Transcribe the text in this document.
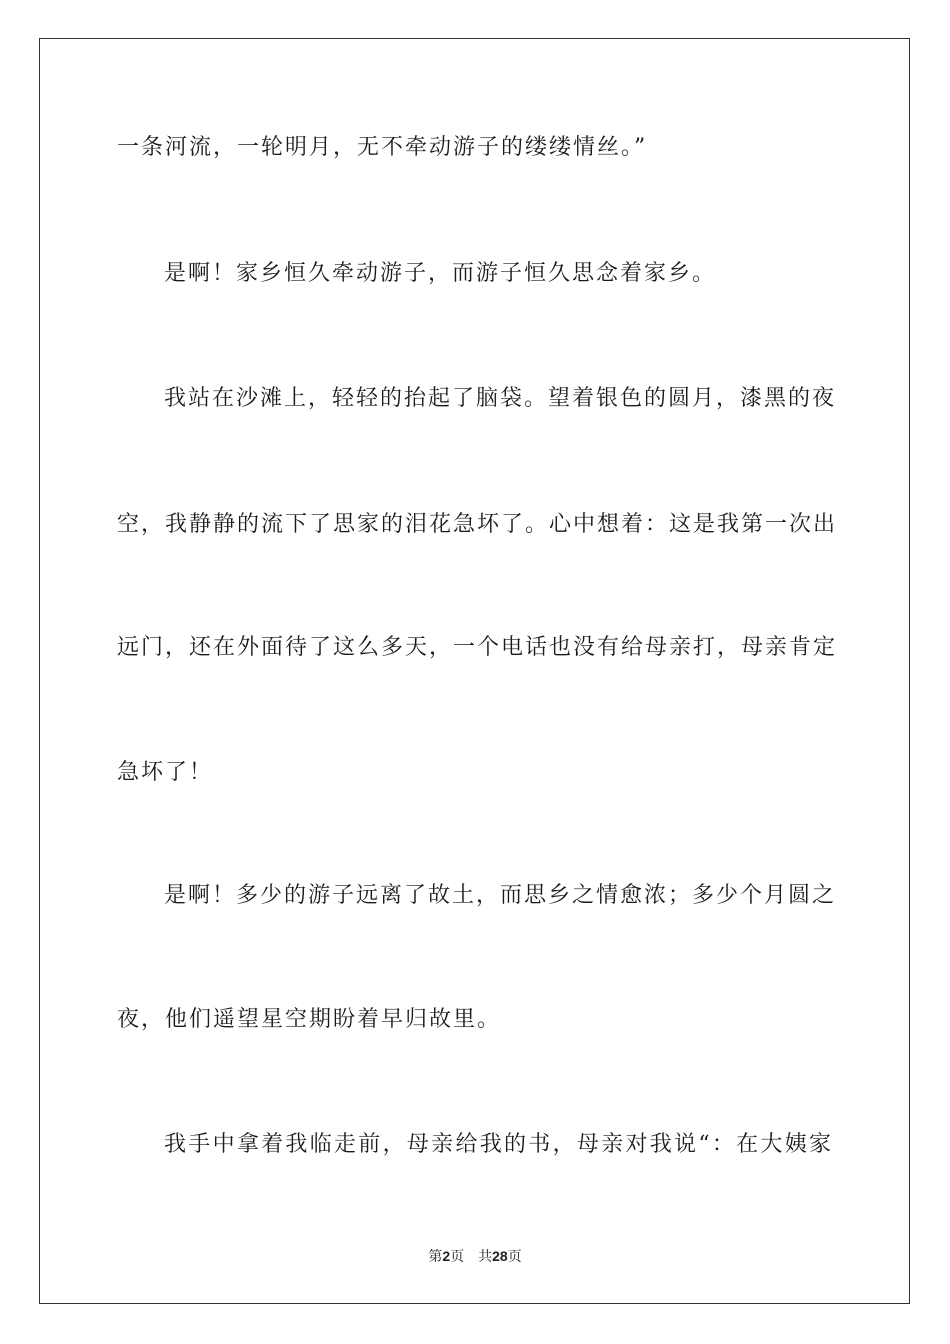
一条河流，一轮明月，无不牵动游子的缕缕情丝。”
是啊！家乡恒久牵动游子，而游子恒久思念着家乡。
我站在沙滩上，轻轻的抬起了脑袋。望着银色的圆月，漆黑的夜
空，我静静的流下了思家的泪花急坏了。心中想着：这是我第一次出
远门，还在外面待了这么多天，一个电话也没有给母亲打，母亲肯定
急坏了！
是啊！多少的游子远离了故土，而思乡之情愈浓；多少个月圆之
夜，他们遥望星空期盼着早归故里。
我手中拿着我临走前，母亲给我的书，母亲对我说“：在大姨家
第2页 共28页
